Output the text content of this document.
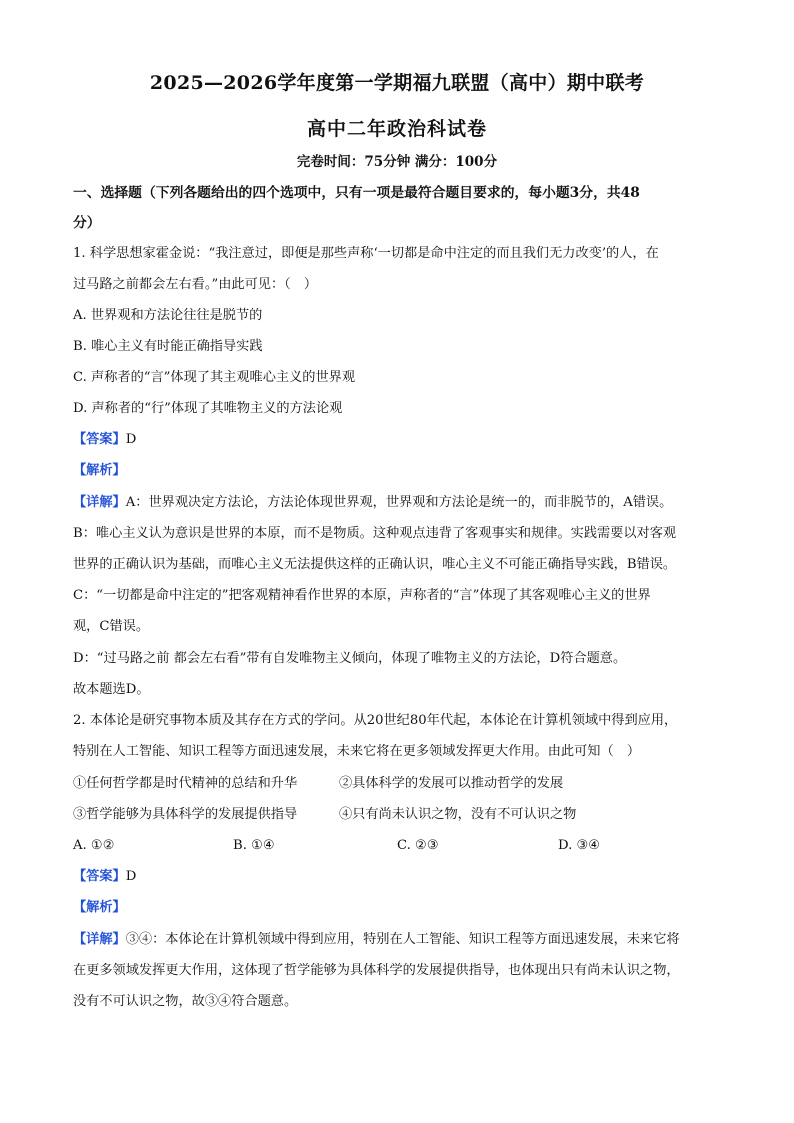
2025—2026学年度第一学期福九联盟（高中）期中联考
高中二年政治科试卷
完卷时间：75分钟 满分：100分
一、选择题（下列各题给出的四个选项中，只有一项是最符合题目要求的，每小题3分，共48
分）
1. 科学思想家霍金说：“我注意过，即便是那些声称‘一切都是命中注定的而且我们无力改变’的人，在
过马路之前都会左右看。”由此可见：（　）
A. 世界观和方法论往往是脱节的
B. 唯心主义有时能正确指导实践
C. 声称者的“言”体现了其主观唯心主义的世界观
D. 声称者的“行”体现了其唯物主义的方法论观
【答案】D
【解析】
【详解】A：世界观决定方法论，方法论体现世界观，世界观和方法论是统一的，而非脱节的，A错误。
B：唯心主义认为意识是世界的本原，而不是物质。这种观点违背了客观事实和规律。实践需要以对客观
世界的正确认识为基础，而唯心主义无法提供这样的正确认识，唯心主义不可能正确指导实践，B错误。
C：“一切都是命中注定的”把客观精神看作世界的本原，声称者的“言”体现了其客观唯心主义的世界
观，C错误。
D：“过马路之前 都会左右看”带有自发唯物主义倾向，体现了唯物主义的方法论，D符合题意。
故本题选D。
2. 本体论是研究事物本质及其存在方式的学问。从20世纪80年代起，本体论在计算机领域中得到应用，
特别在人工智能、知识工程等方面迅速发展，未来它将在更多领域发挥更大作用。由此可知（　）
①任何哲学都是时代精神的总结和升华	②具体科学的发展可以推动哲学的发展
③哲学能够为具体科学的发展提供指导	④只有尚未认识之物，没有不可认识之物
A. ①②	B. ①④	C. ②③	D. ③④
【答案】D
【解析】
【详解】③④：本体论在计算机领域中得到应用，特别在人工智能、知识工程等方面迅速发展，未来它将
在更多领域发挥更大作用，这体现了哲学能够为具体科学的发展提供指导，也体现出只有尚未认识之物，
没有不可认识之物，故③④符合题意。
